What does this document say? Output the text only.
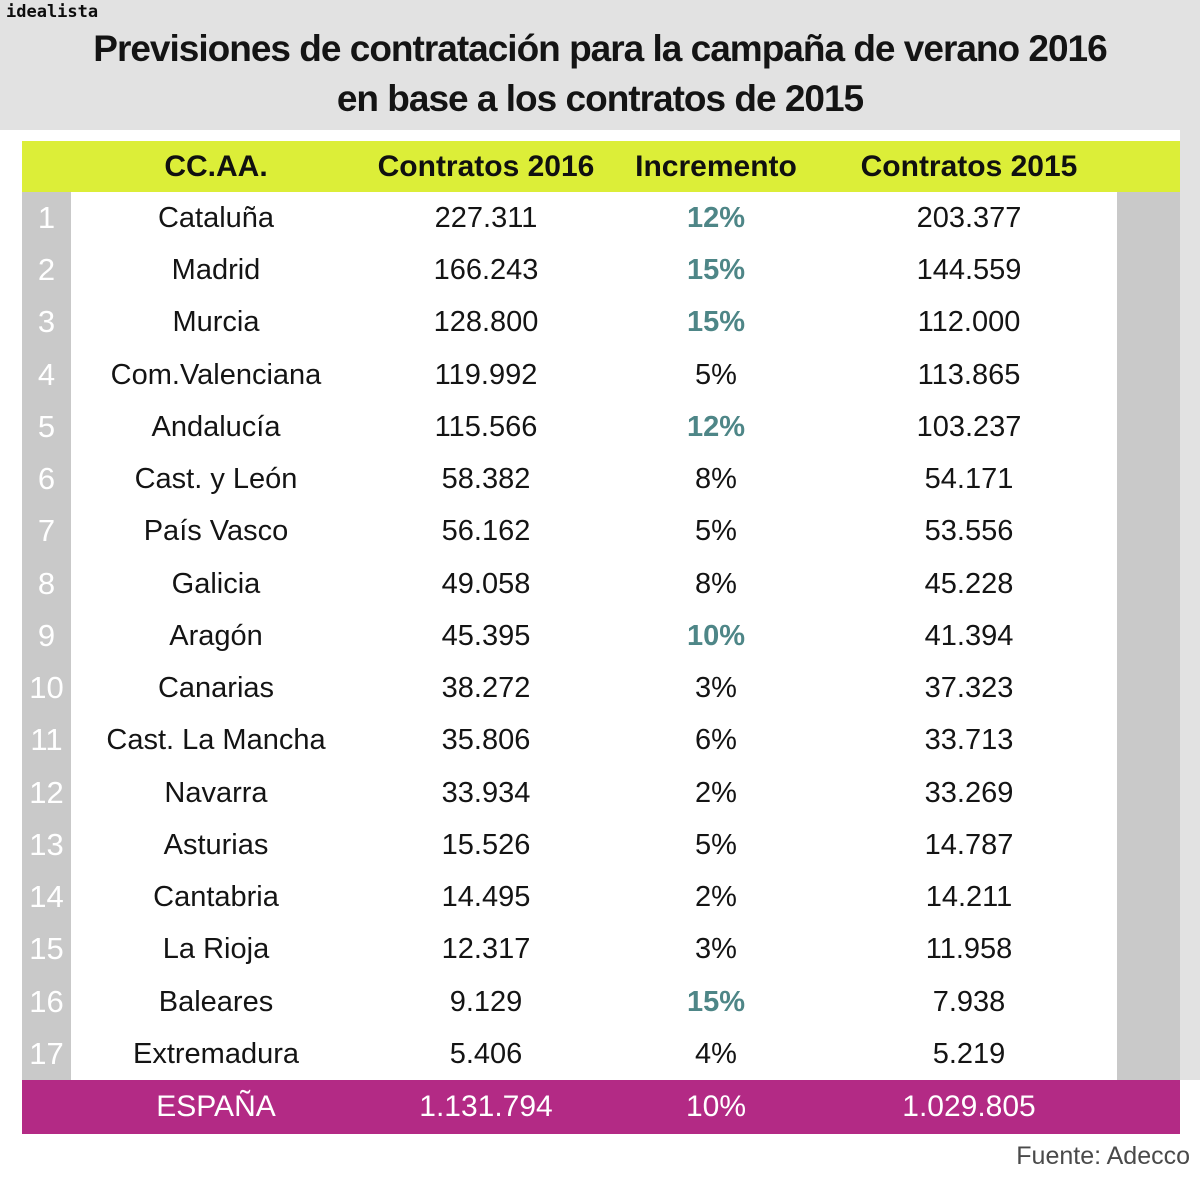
idealista
Previsiones de contratación para la campaña de verano 2016
en base a los contratos de 2015
CC.AA.	Contratos 2016	Incremento	Contratos 2015
1	Cataluña	227.311	12%	203.377
2	Madrid	166.243	15%	144.559
3	Murcia	128.800	15%	112.000
4	Com.Valenciana	119.992	5%	113.865
5	Andalucía	115.566	12%	103.237
6	Cast. y León	58.382	8%	54.171
7	País Vasco	56.162	5%	53.556
8	Galicia	49.058	8%	45.228
9	Aragón	45.395	10%	41.394
10	Canarias	38.272	3%	37.323
11	Cast. La Mancha	35.806	6%	33.713
12	Navarra	33.934	2%	33.269
13	Asturias	15.526	5%	14.787
14	Cantabria	14.495	2%	14.211
15	La Rioja	12.317	3%	11.958
16	Baleares	9.129	15%	7.938
17	Extremadura	5.406	4%	5.219
ESPAÑA	1.131.794	10%	1.029.805
Fuente: Adecco
